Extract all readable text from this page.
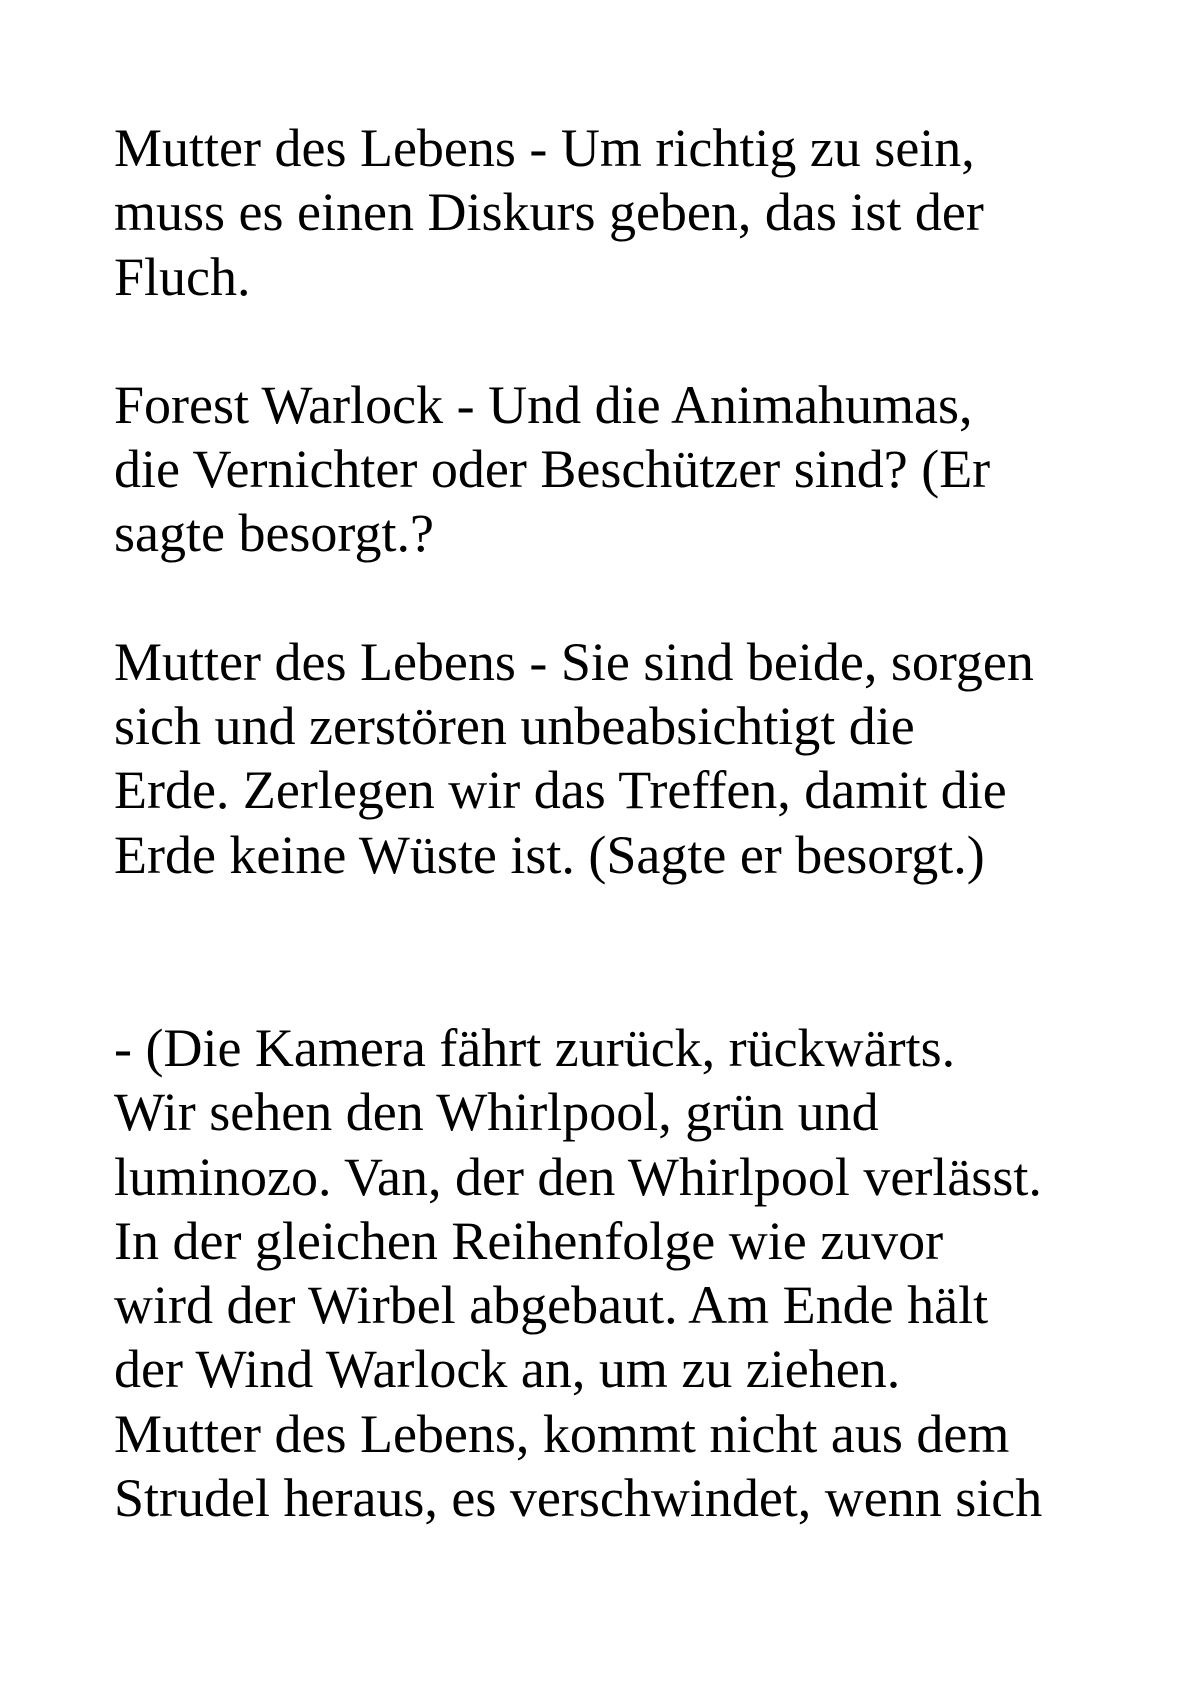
Mutter des Lebens - Um richtig zu sein,
muss es einen Diskurs geben, das ist der
Fluch.

Forest Warlock - Und die Animahumas,
die Vernichter oder Beschützer sind? (Er
sagte besorgt.?

Mutter des Lebens - Sie sind beide, sorgen
sich und zerstören unbeabsichtigt die
Erde. Zerlegen wir das Treffen, damit die
Erde keine Wüste ist. (Sagte er besorgt.)

- (Die Kamera fährt zurück, rückwärts.
Wir sehen den Whirlpool, grün und
luminozo. Van, der den Whirlpool verlässt.
In der gleichen Reihenfolge wie zuvor
wird der Wirbel abgebaut. Am Ende hält
der Wind Warlock an, um zu ziehen.
Mutter des Lebens, kommt nicht aus dem
Strudel heraus, es verschwindet, wenn sich
